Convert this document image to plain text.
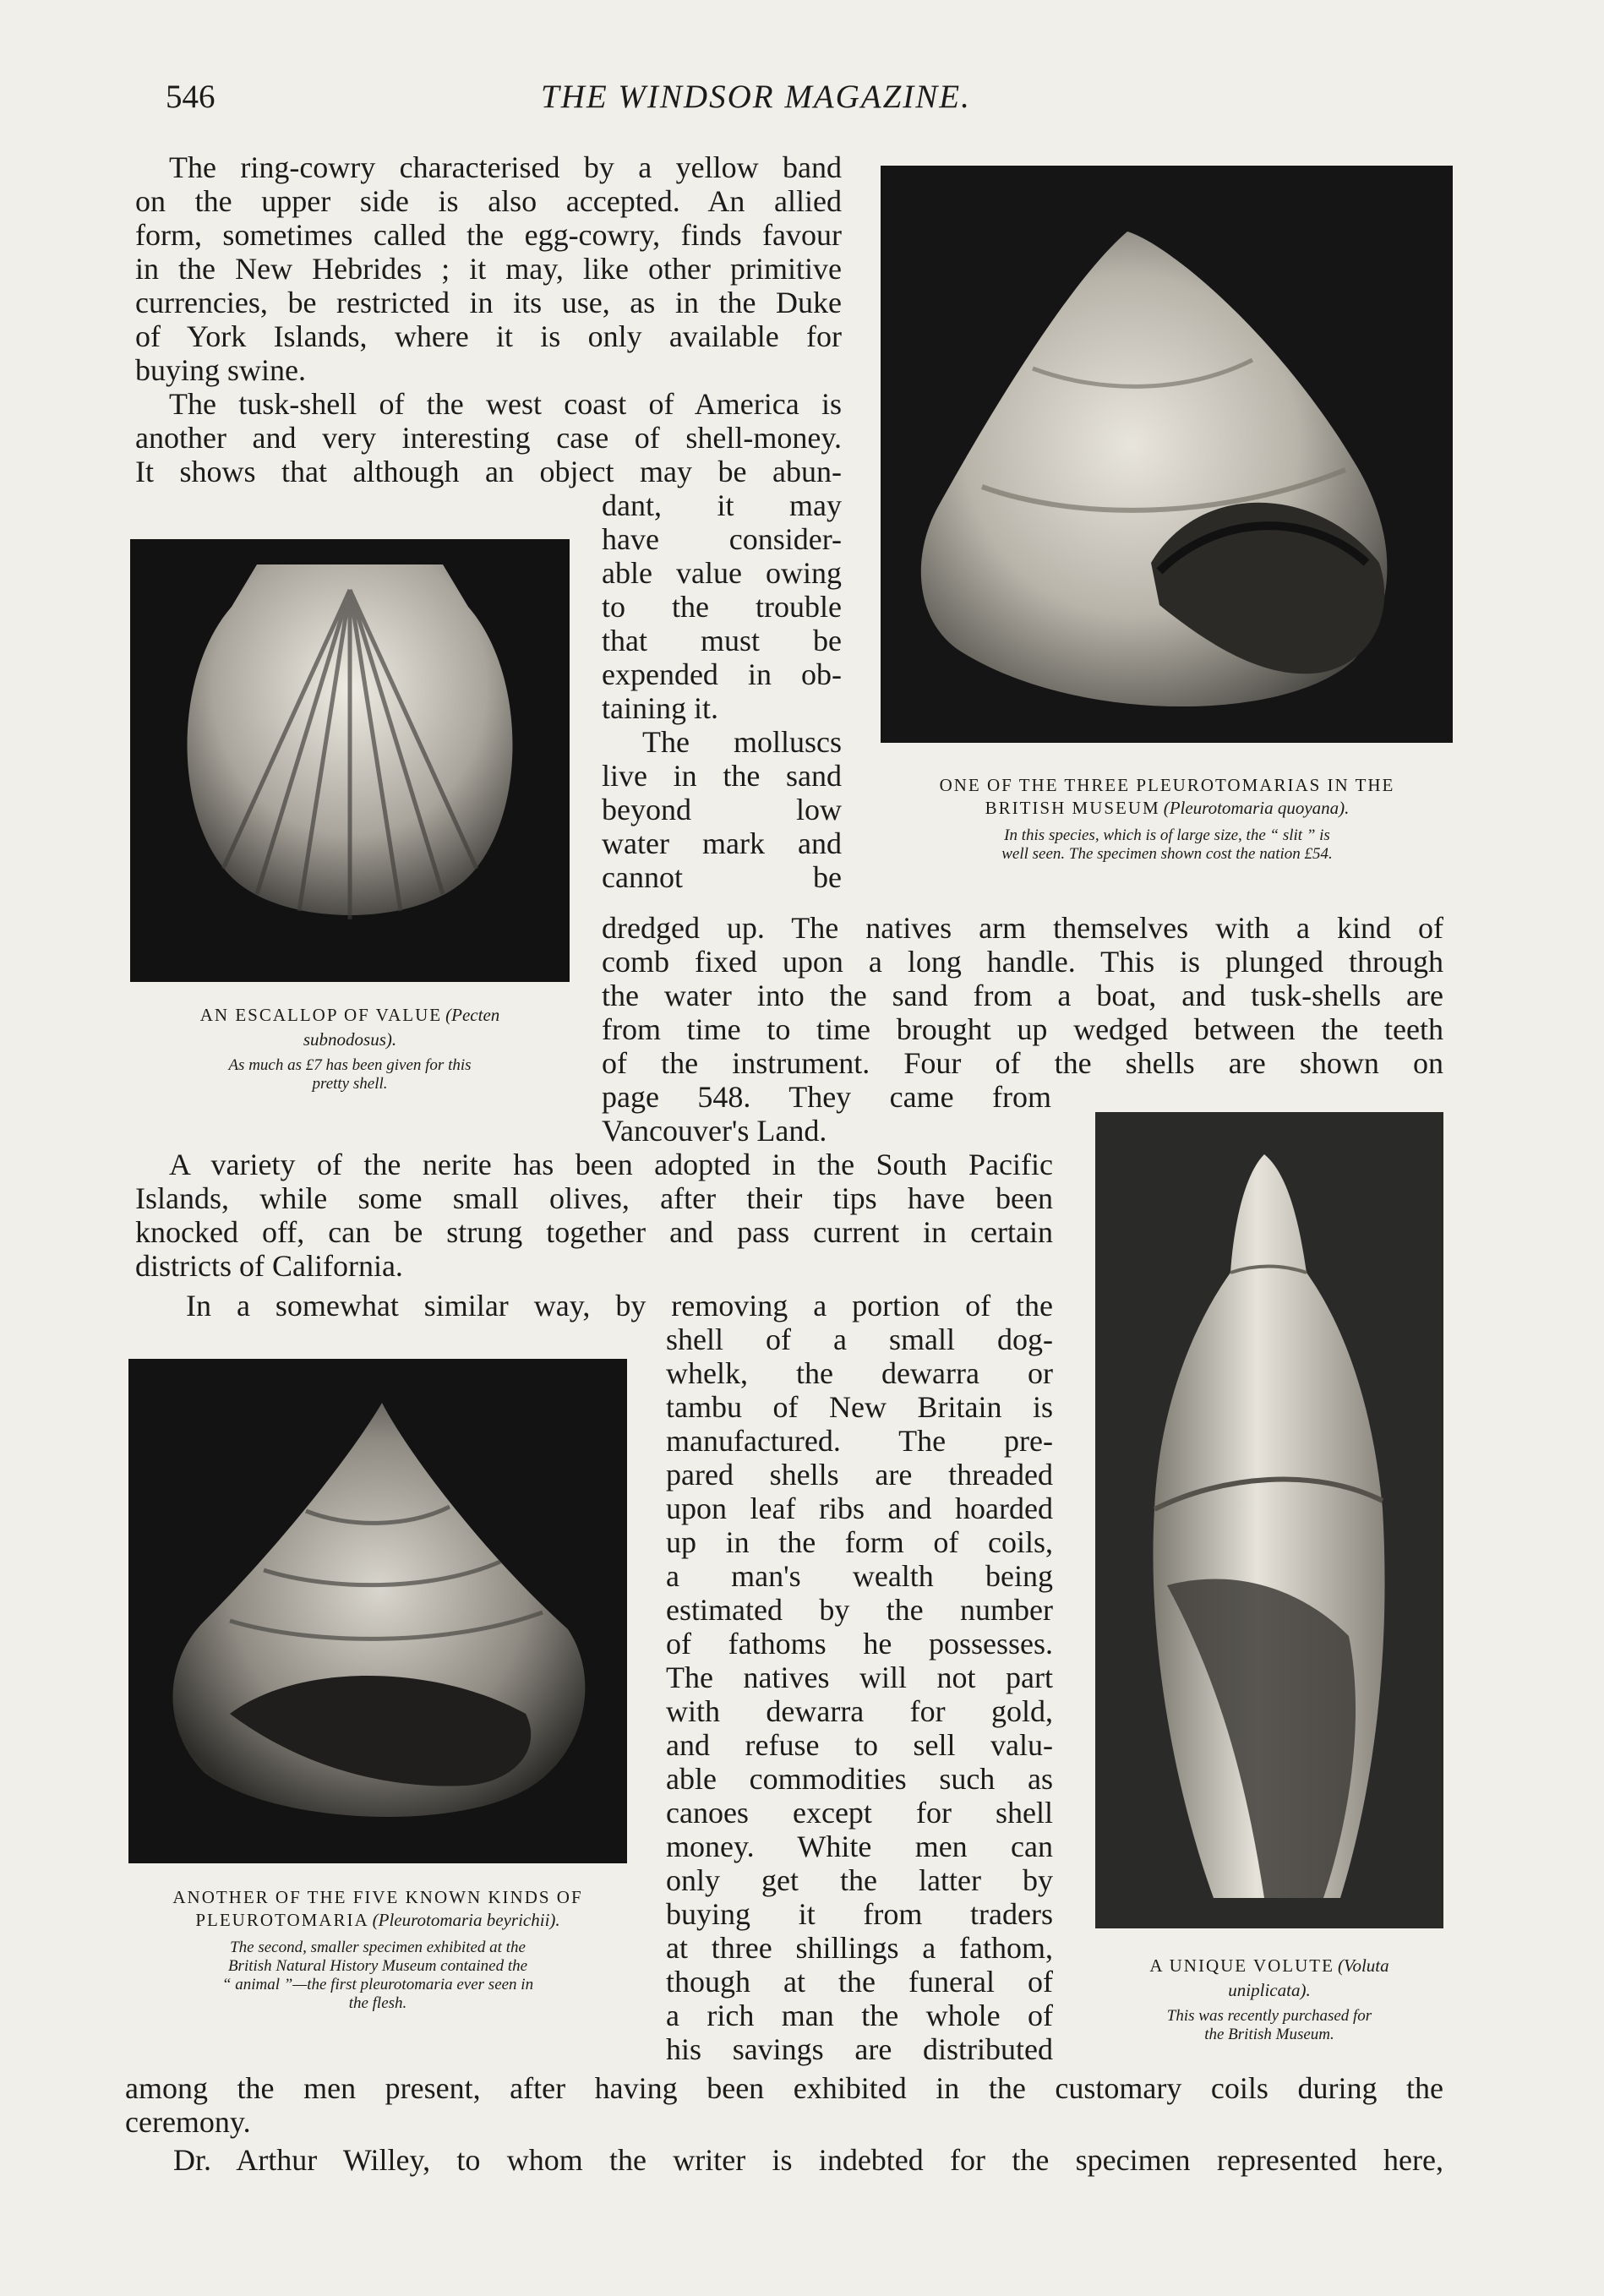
546	THE WINDSOR MAGAZINE.
The ring-cowry characterised by a yellow band
on the upper side is also accepted. An allied
form, sometimes called the egg-cowry, finds favour
in the New Hebrides ; it may, like other primitive
currencies, be restricted in its use, as in the Duke
of York Islands, where it is only available for
buying swine.
The tusk-shell of the west coast of America is
another and very interesting case of shell-money.
It shows that although an object may be abun-
dant, it may
have consider-
able value owing
to the trouble
that must be
expended in ob-
taining it.
The molluscs
live in the sand
beyond low
water mark and
cannot be
dredged up. The natives arm themselves with a kind of
comb fixed upon a long handle. This is plunged through
the water into the sand from a boat, and tusk-shells are
from time to time brought up wedged between the teeth
of the instrument. Four of the shells are shown on
page 548. They came from
Vancouver's Land.
A variety of the nerite has been adopted in the South Pacific
Islands, while some small olives, after their tips have been
knocked off, can be strung together and pass current in certain
districts of California.
In a somewhat similar way, by removing a portion of the
shell of a small dog-
whelk, the dewarra or
tambu of New Britain is
manufactured. The pre-
pared shells are threaded
upon leaf ribs and hoarded
up in the form of coils,
a man's wealth being
estimated by the number
of fathoms he possesses.
The natives will not part
with dewarra for gold,
and refuse to sell valu-
able commodities such as
canoes except for shell
money. White men can
only get the latter by
buying it from traders
at three shillings a fathom,
though at the funeral of
a rich man the whole of
his savings are distributed
among the men present, after having been exhibited in the customary coils during the
ceremony.
Dr. Arthur Willey, to whom the writer is indebted for the specimen represented here,
ONE OF THE THREE PLEUROTOMARIAS IN THE
BRITISH MUSEUM (Pleurotomaria quoyana).
In this species, which is of large size, the “ slit ” is
well seen. The specimen shown cost the nation £54.
AN ESCALLOP OF VALUE (Pecten
subnodosus).
As much as £7 has been given for this
pretty shell.
A UNIQUE VOLUTE (Voluta
uniplicata).
This was recently purchased for
the British Museum.
ANOTHER OF THE FIVE KNOWN KINDS OF
PLEUROTOMARIA (Pleurotomaria beyrichii).
The second, smaller specimen exhibited at the
British Natural History Museum contained the
“ animal ”—the first pleurotomaria ever seen in
the flesh.
